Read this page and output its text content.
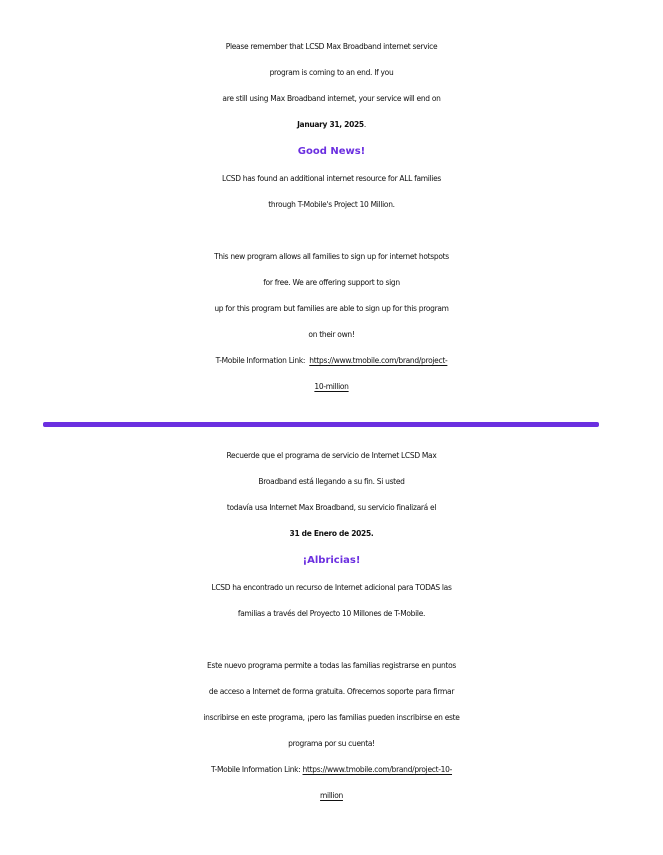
Please remember that LCSD Max Broadband internet service
program is coming to an end. If you
are still using Max Broadband internet, your service will end on
January 31, 2025.
Good News!
LCSD has found an additional internet resource for ALL families
through T-Mobile's Project 10 Million.
This new program allows all families to sign up for internet hotspots
for free. We are offering support to sign
up for this program but families are able to sign up for this program
on their own!
T-Mobile Information Link:  https://www.tmobile.com/brand/project-
10-million
Recuerde que el programa de servicio de Internet LCSD Max
Broadband está llegando a su fin. Si usted
todavía usa Internet Max Broadband, su servicio finalizará el
31 de Enero de 2025.
¡Albricias!
LCSD ha encontrado un recurso de Internet adicional para TODAS las
familias a través del Proyecto 10 Millones de T-Mobile.
Este nuevo programa permite a todas las familias registrarse en puntos
de acceso a Internet de forma gratuita. Ofrecemos soporte para firmar
inscribirse en este programa, ¡pero las familias pueden inscribirse en este
programa por su cuenta!
T-Mobile Information Link: https://www.tmobile.com/brand/project-10-
million
